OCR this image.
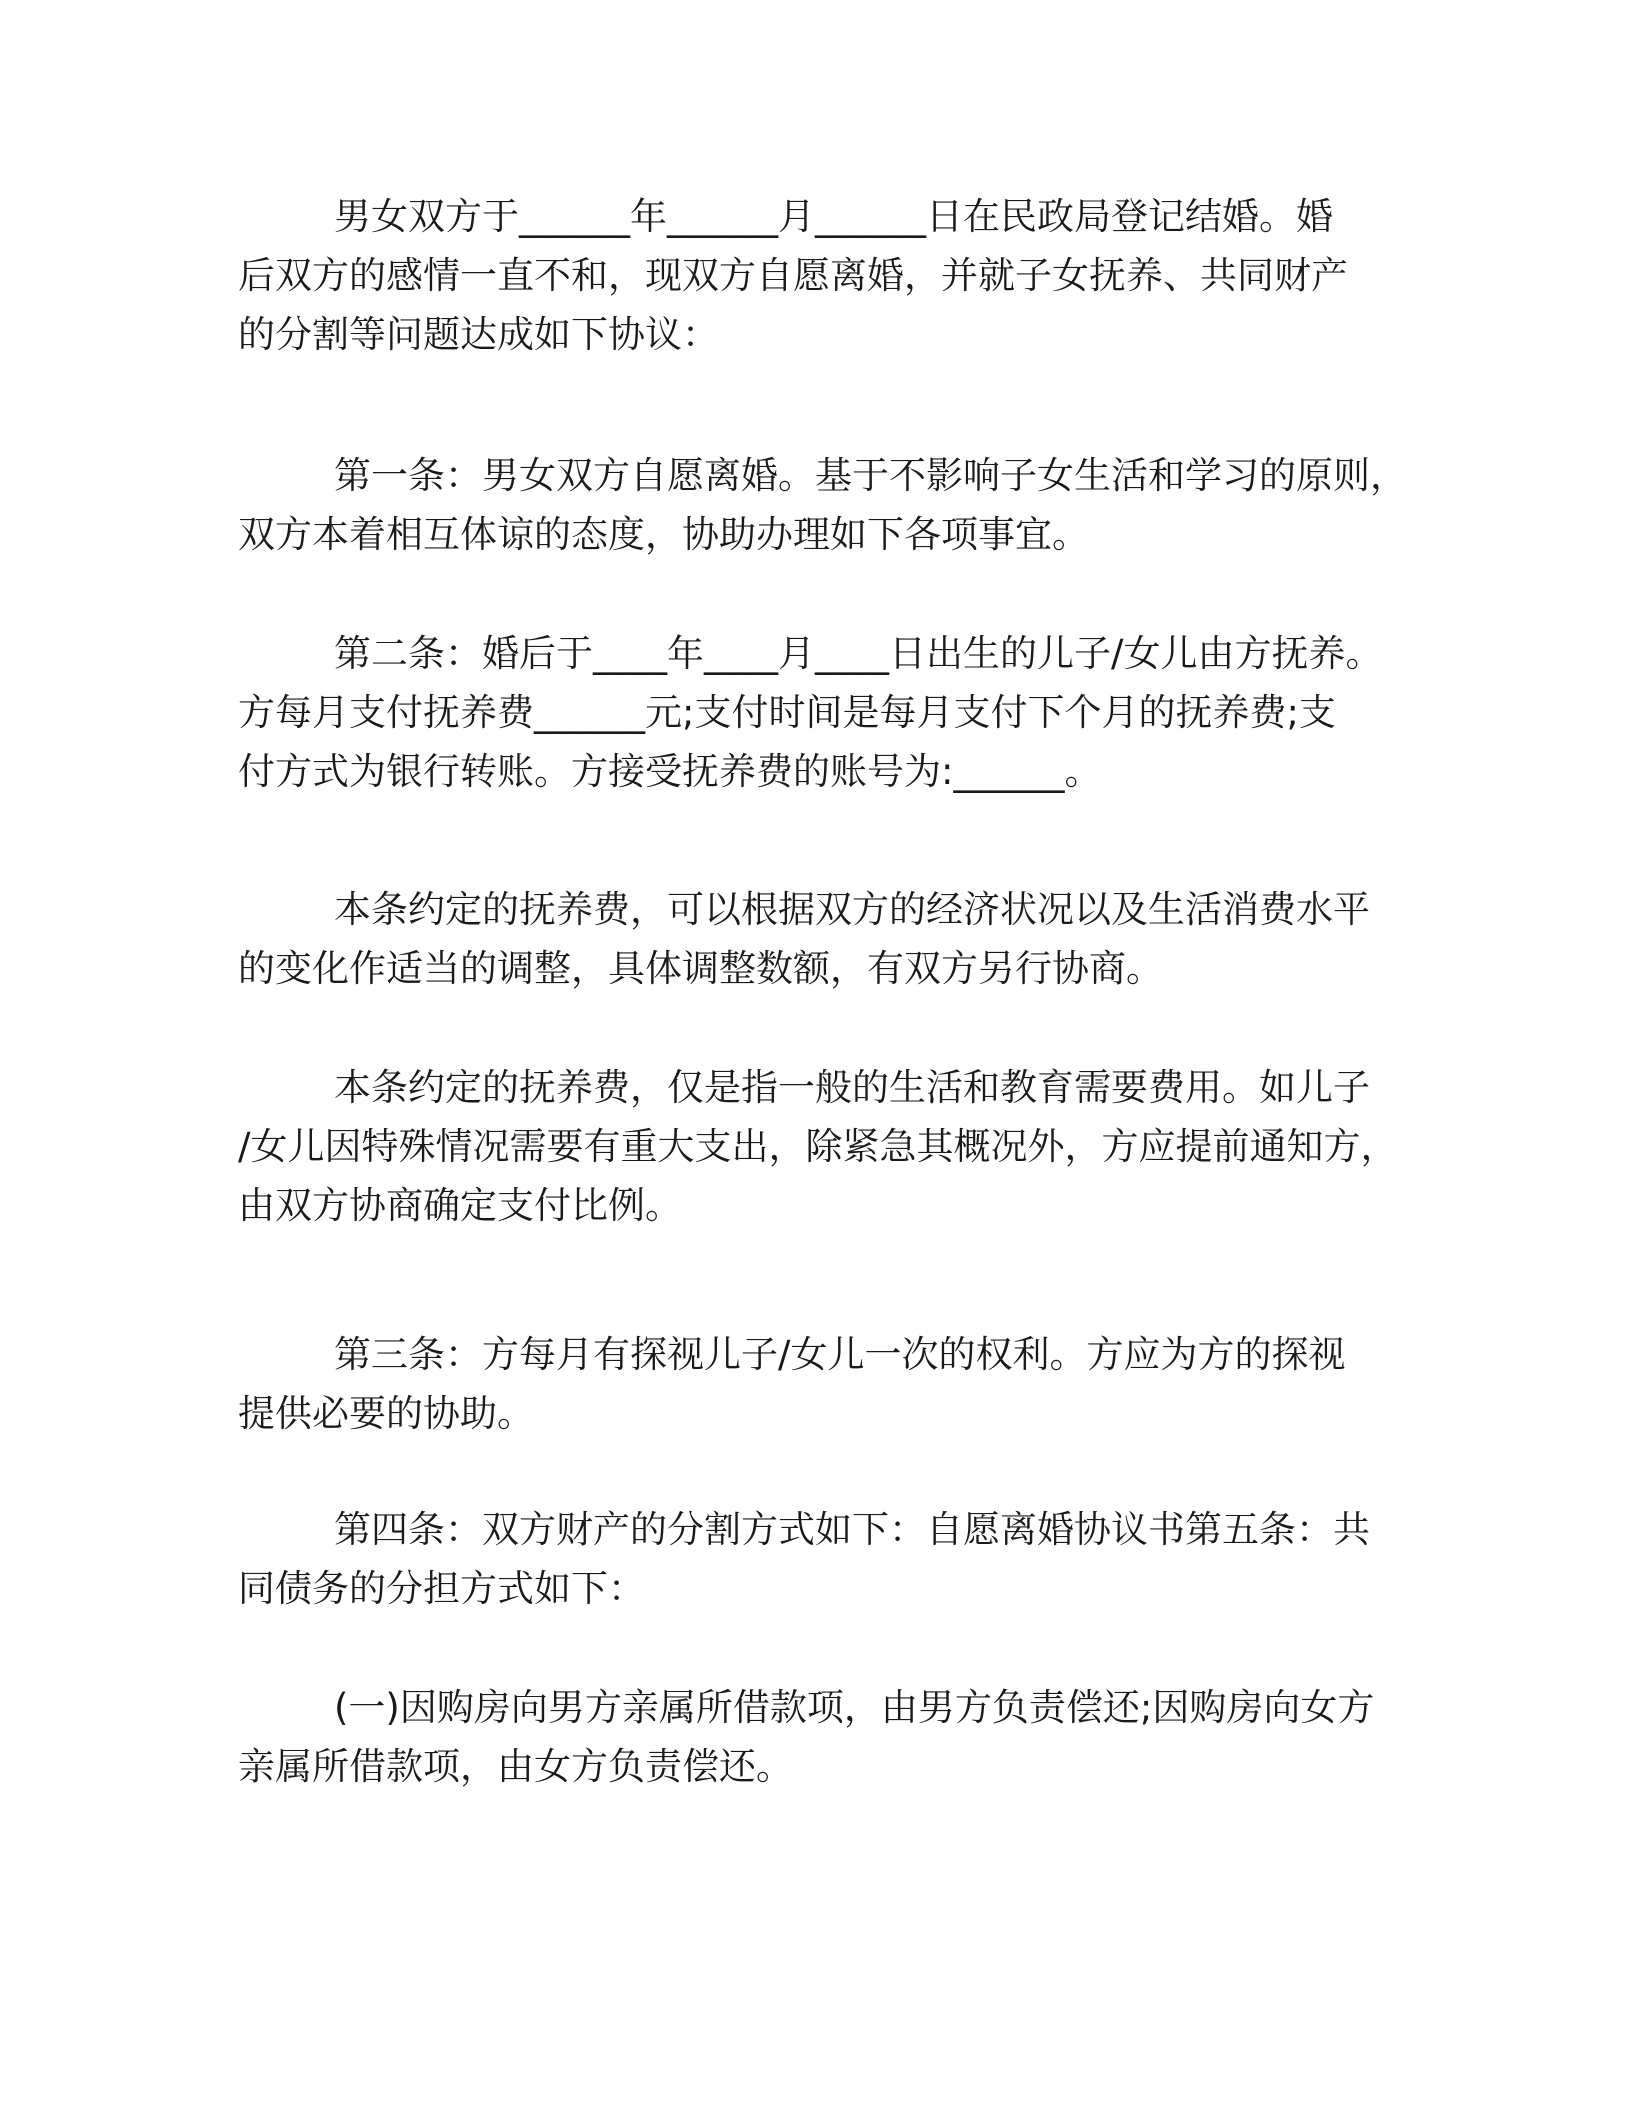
男女双方于______年______月______日在民政局登记结婚。婚
后双方的感情一直不和，现双方自愿离婚，并就子女抚养、共同财产
的分割等问题达成如下协议：
第一条：男女双方自愿离婚。基于不影响子女生活和学习的原则，
双方本着相互体谅的态度，协助办理如下各项事宜。
第二条：婚后于____年____月____日出生的儿子/女儿由方抚养。
方每月支付抚养费______元;支付时间是每月支付下个月的抚养费;支
付方式为银行转账。方接受抚养费的账号为:______。
本条约定的抚养费，可以根据双方的经济状况以及生活消费水平
的变化作适当的调整，具体调整数额，有双方另行协商。
本条约定的抚养费，仅是指一般的生活和教育需要费用。如儿子
/女儿因特殊情况需要有重大支出，除紧急其概况外，方应提前通知方，
由双方协商确定支付比例。
第三条：方每月有探视儿子/女儿一次的权利。方应为方的探视
提供必要的协助。
第四条：双方财产的分割方式如下：自愿离婚协议书第五条：共
同债务的分担方式如下：
(一)因购房向男方亲属所借款项，由男方负责偿还;因购房向女方
亲属所借款项，由女方负责偿还。
